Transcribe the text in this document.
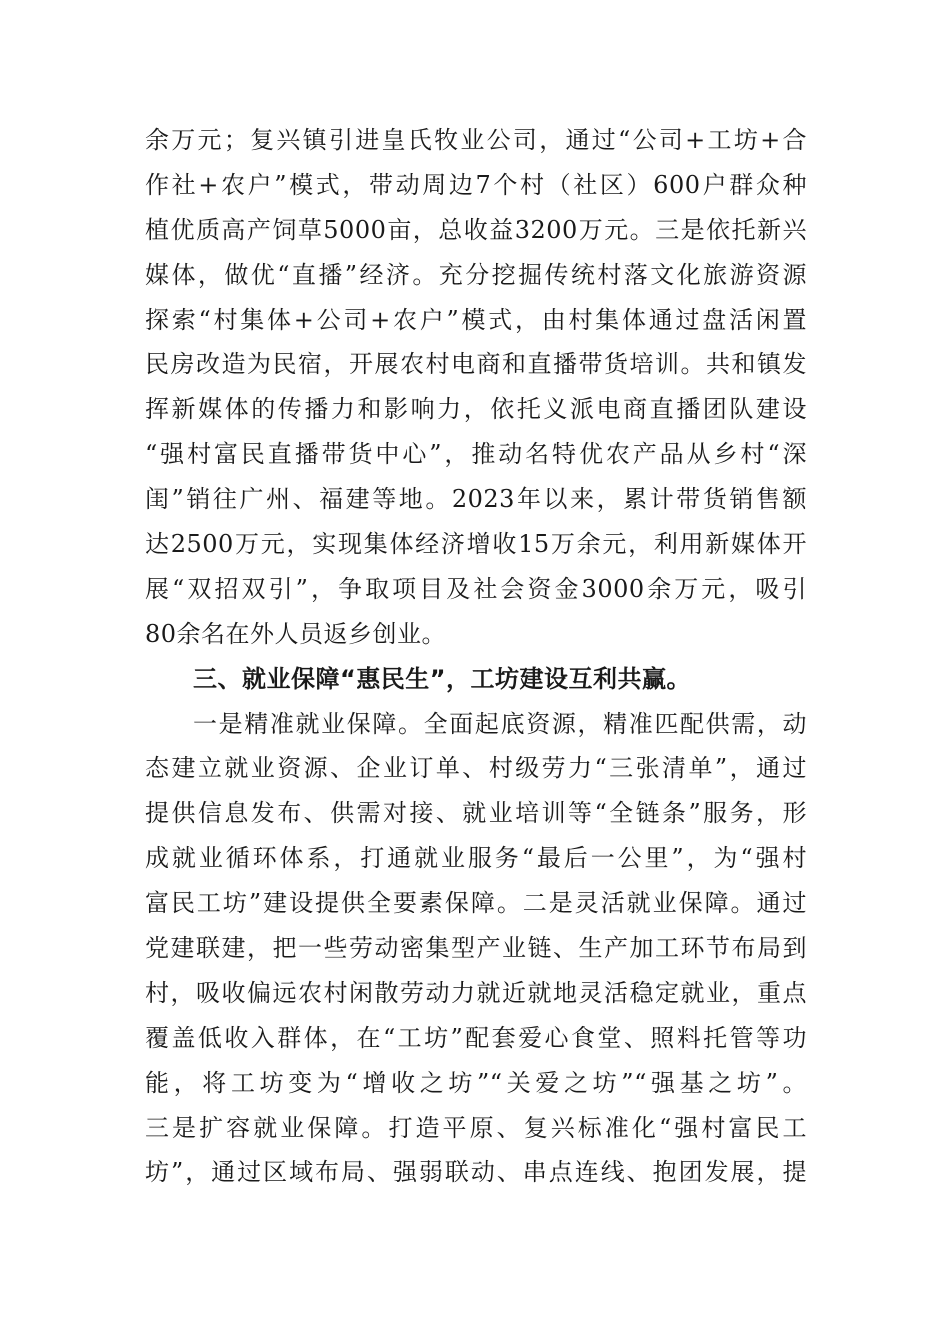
余万元；复兴镇引进皇氏牧业公司，通过“公司+工坊+合
作社+农户”模式，带动周边7个村（社区）600户群众种
植优质高产饲草5000亩，总收益3200万元。三是依托新兴
媒体，做优“直播”经济。充分挖掘传统村落文化旅游资源
探索“村集体+公司+农户”模式，由村集体通过盘活闲置
民房改造为民宿，开展农村电商和直播带货培训。共和镇发
挥新媒体的传播力和影响力，依托义派电商直播团队建设
“强村富民直播带货中心”，推动名特优农产品从乡村“深
闺”销往广州、福建等地。2023年以来，累计带货销售额
达2500万元，实现集体经济增收15万余元，利用新媒体开
展“双招双引”，争取项目及社会资金3000余万元，吸引
80余名在外人员返乡创业。
三、就业保障“惠民生”，工坊建设互利共赢。
一是精准就业保障。全面起底资源，精准匹配供需，动
态建立就业资源、企业订单、村级劳力“三张清单”，通过
提供信息发布、供需对接、就业培训等“全链条”服务，形
成就业循环体系，打通就业服务“最后一公里”，为“强村
富民工坊”建设提供全要素保障。二是灵活就业保障。通过
党建联建，把一些劳动密集型产业链、生产加工环节布局到
村，吸收偏远农村闲散劳动力就近就地灵活稳定就业，重点
覆盖低收入群体，在“工坊”配套爱心食堂、照料托管等功
能，将工坊变为“增收之坊”“关爱之坊”“强基之坊”。
三是扩容就业保障。打造平原、复兴标准化“强村富民工
坊”，通过区域布局、强弱联动、串点连线、抱团发展，提
